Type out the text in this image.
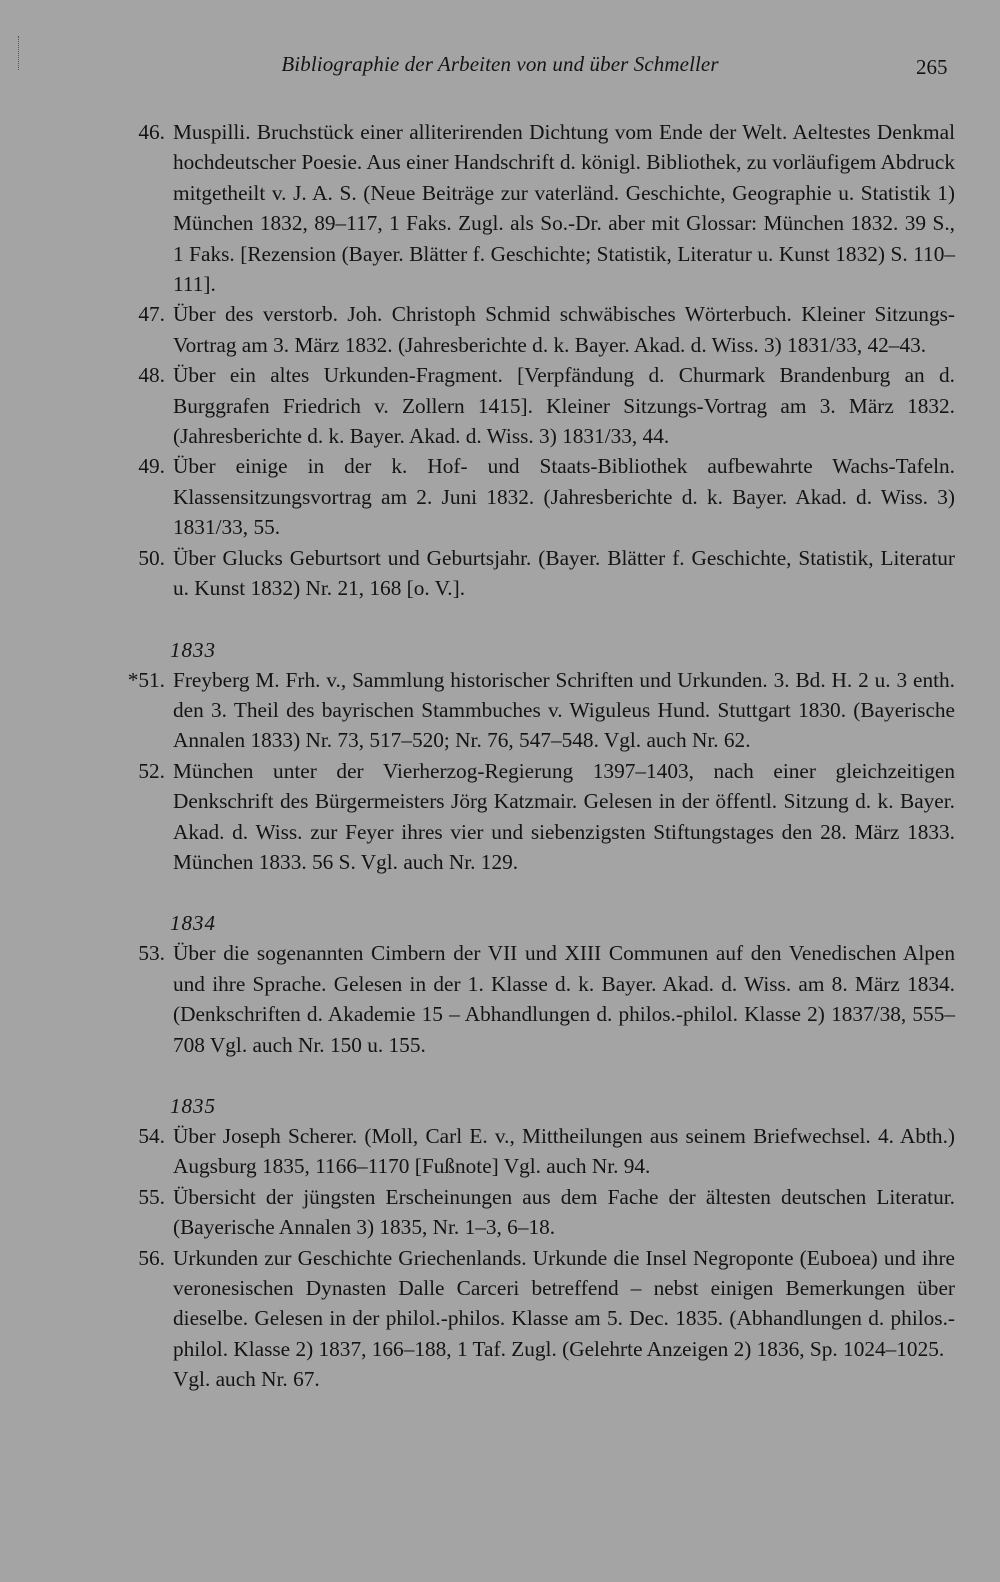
Bibliographie der Arbeiten von und über Schmeller	265
46. Muspilli. Bruchstück einer alliterirenden Dichtung vom Ende der Welt. Aeltestes Denkmal hochdeutscher Poesie. Aus einer Handschrift d. königl. Bibliothek, zu vorläufigem Abdruck mitgetheilt v. J. A. S. (Neue Beiträge zur vaterländ. Geschichte, Geographie u. Statistik 1) München 1832, 89–117, 1 Faks. Zugl. als So.-Dr. aber mit Glossar: München 1832. 39 S., 1 Faks. [Rezension (Bayer. Blätter f. Geschichte; Statistik, Literatur u. Kunst 1832) S. 110–111].
47. Über des verstorb. Joh. Christoph Schmid schwäbisches Wörterbuch. Kleiner Sitzungs-Vortrag am 3. März 1832. (Jahresberichte d. k. Bayer. Akad. d. Wiss. 3) 1831/33, 42–43.
48. Über ein altes Urkunden-Fragment. [Verpfändung d. Churmark Brandenburg an d. Burggrafen Friedrich v. Zollern 1415]. Kleiner Sitzungs-Vortrag am 3. März 1832. (Jahresberichte d. k. Bayer. Akad. d. Wiss. 3) 1831/33, 44.
49. Über einige in der k. Hof- und Staats-Bibliothek aufbewahrte Wachs-Tafeln. Klassensitzungsvortrag am 2. Juni 1832. (Jahresberichte d. k. Bayer. Akad. d. Wiss. 3) 1831/33, 55.
50. Über Glucks Geburtsort und Geburtsjahr. (Bayer. Blätter f. Geschichte, Statistik, Literatur u. Kunst 1832) Nr. 21, 168 [o. V.].
1833
*51. Freyberg M. Frh. v., Sammlung historischer Schriften und Urkunden. 3. Bd. H. 2 u. 3 enth. den 3. Theil des bayrischen Stammbuches v. Wiguleus Hund. Stuttgart 1830. (Bayerische Annalen 1833) Nr. 73, 517–520; Nr. 76, 547–548. Vgl. auch Nr. 62.
52. München unter der Vierherzog-Regierung 1397–1403, nach einer gleichzeitigen Denkschrift des Bürgermeisters Jörg Katzmair. Gelesen in der öffentl. Sitzung d. k. Bayer. Akad. d. Wiss. zur Feyer ihres vier und siebenzigsten Stiftungstages den 28. März 1833. München 1833. 56 S. Vgl. auch Nr. 129.
1834
53. Über die sogenannten Cimbern der VII und XIII Communen auf den Venedischen Alpen und ihre Sprache. Gelesen in der 1. Klasse d. k. Bayer. Akad. d. Wiss. am 8. März 1834. (Denkschriften d. Akademie 15 – Abhandlungen d. philos.-philol. Klasse 2) 1837/38, 555–708 Vgl. auch Nr. 150 u. 155.
1835
54. Über Joseph Scherer. (Moll, Carl E. v., Mittheilungen aus seinem Briefwechsel. 4. Abth.) Augsburg 1835, 1166–1170 [Fußnote] Vgl. auch Nr. 94.
55. Übersicht der jüngsten Erscheinungen aus dem Fache der ältesten deutschen Literatur. (Bayerische Annalen 3) 1835, Nr. 1–3, 6–18.
56. Urkunden zur Geschichte Griechenlands. Urkunde die Insel Negroponte (Euboea) und ihre veronesischen Dynasten Dalle Carceri betreffend – nebst einigen Bemerkungen über dieselbe. Gelesen in der philol.-philos. Klasse am 5. Dec. 1835. (Abhandlungen d. philos.-philol. Klasse 2) 1837, 166–188, 1 Taf. Zugl. (Gelehrte Anzeigen 2) 1836, Sp. 1024–1025.
Vgl. auch Nr. 67.
